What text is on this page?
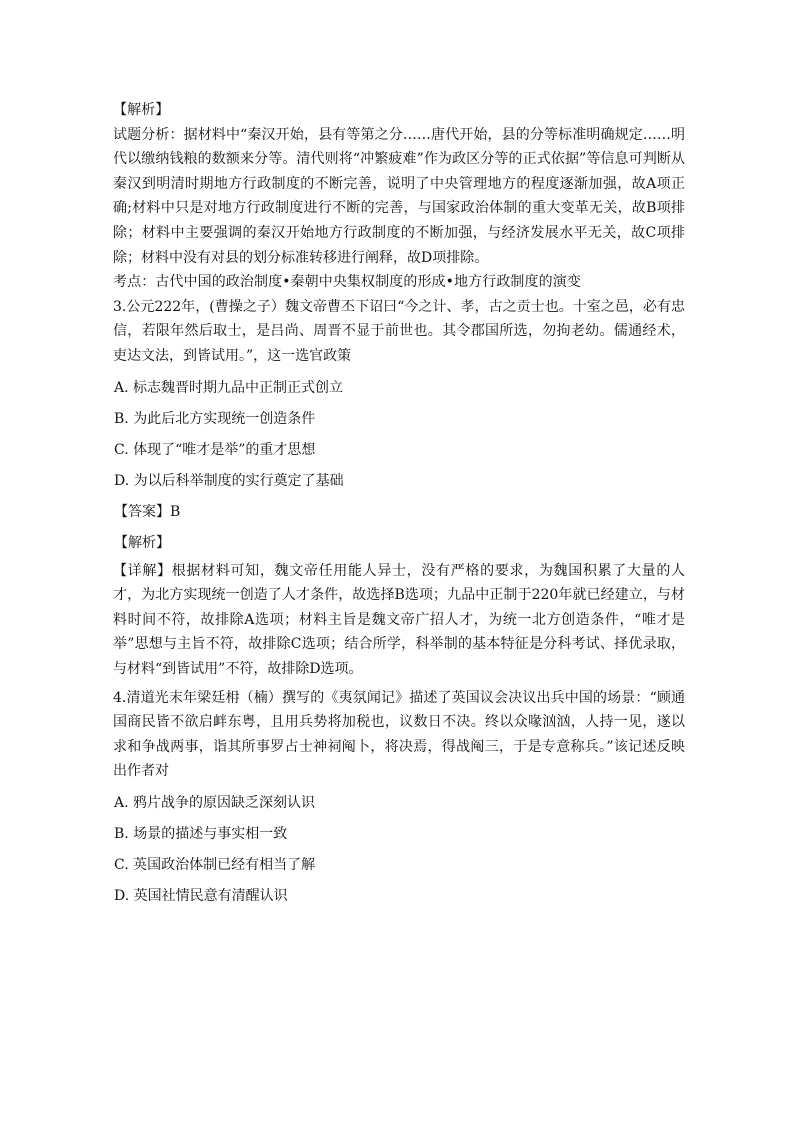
【解析】

试题分析：据材料中“秦汉开始，县有等第之分……唐代开始，县的分等标准明确规定……明代以缴纳钱粮的数额来分等。清代则将“冲繁疲难”作为政区分等的正式依据”等信息可判断从秦汉到明清时期地方行政制度的不断完善，说明了中央管理地方的程度逐渐加强，故A项正确;材料中只是对地方行政制度进行不断的完善，与国家政治体制的重大变革无关，故B项排除；材料中主要强调的秦汉开始地方行政制度的不断加强，与经济发展水平无关，故C项排除；材料中没有对县的划分标准转移进行阐释，故D项排除。

考点：古代中国的政治制度•秦朝中央集权制度的形成•地方行政制度的演变

3.公元222年，(曹操之子）魏文帝曹丕下诏曰“今之计、孝，古之贡士也。十室之邑，必有忠信，若限年然后取士，是吕尚、周晋不显于前世也。其令郡国所选，勿拘老幼。儒通经术，吏达文法，到皆试用。”，这一选官政策

A. 标志魏晋时期九品中正制正式创立
B. 为此后北方实现统一创造条件
C. 体现了“唯才是举”的重才思想
D. 为以后科举制度的实行奠定了基础
【答案】B
【解析】

【详解】根据材料可知，魏文帝任用能人异士，没有严格的要求，为魏国积累了大量的人才，为北方实现统一创造了人才条件，故选择B选项；九品中正制于220年就已经建立，与材料时间不符，故排除A选项；材料主旨是魏文帝广招人才，为统一北方创造条件，“唯才是举”思想与主旨不符，故排除C选项；结合所学，科举制的基本特征是分科考试、择优录取，与材料“到皆试用”不符，故排除D选项。

4.清道光末年梁廷枏（楠）撰写的《夷氛闻记》描述了英国议会决议出兵中国的场景：“顾通国商民皆不欲启衅东粤，且用兵势将加税也，议数日不决。终以众喙汹汹，人持一见，遂以求和争战两事，诣其所事罗占士神祠阄卜，将决焉，得战阄三，于是专意称兵。”该记述反映出作者对

A. 鸦片战争的原因缺乏深刻认识
B. 场景的描述与事实相一致
C. 英国政治体制已经有相当了解
D. 英国社情民意有清醒认识
